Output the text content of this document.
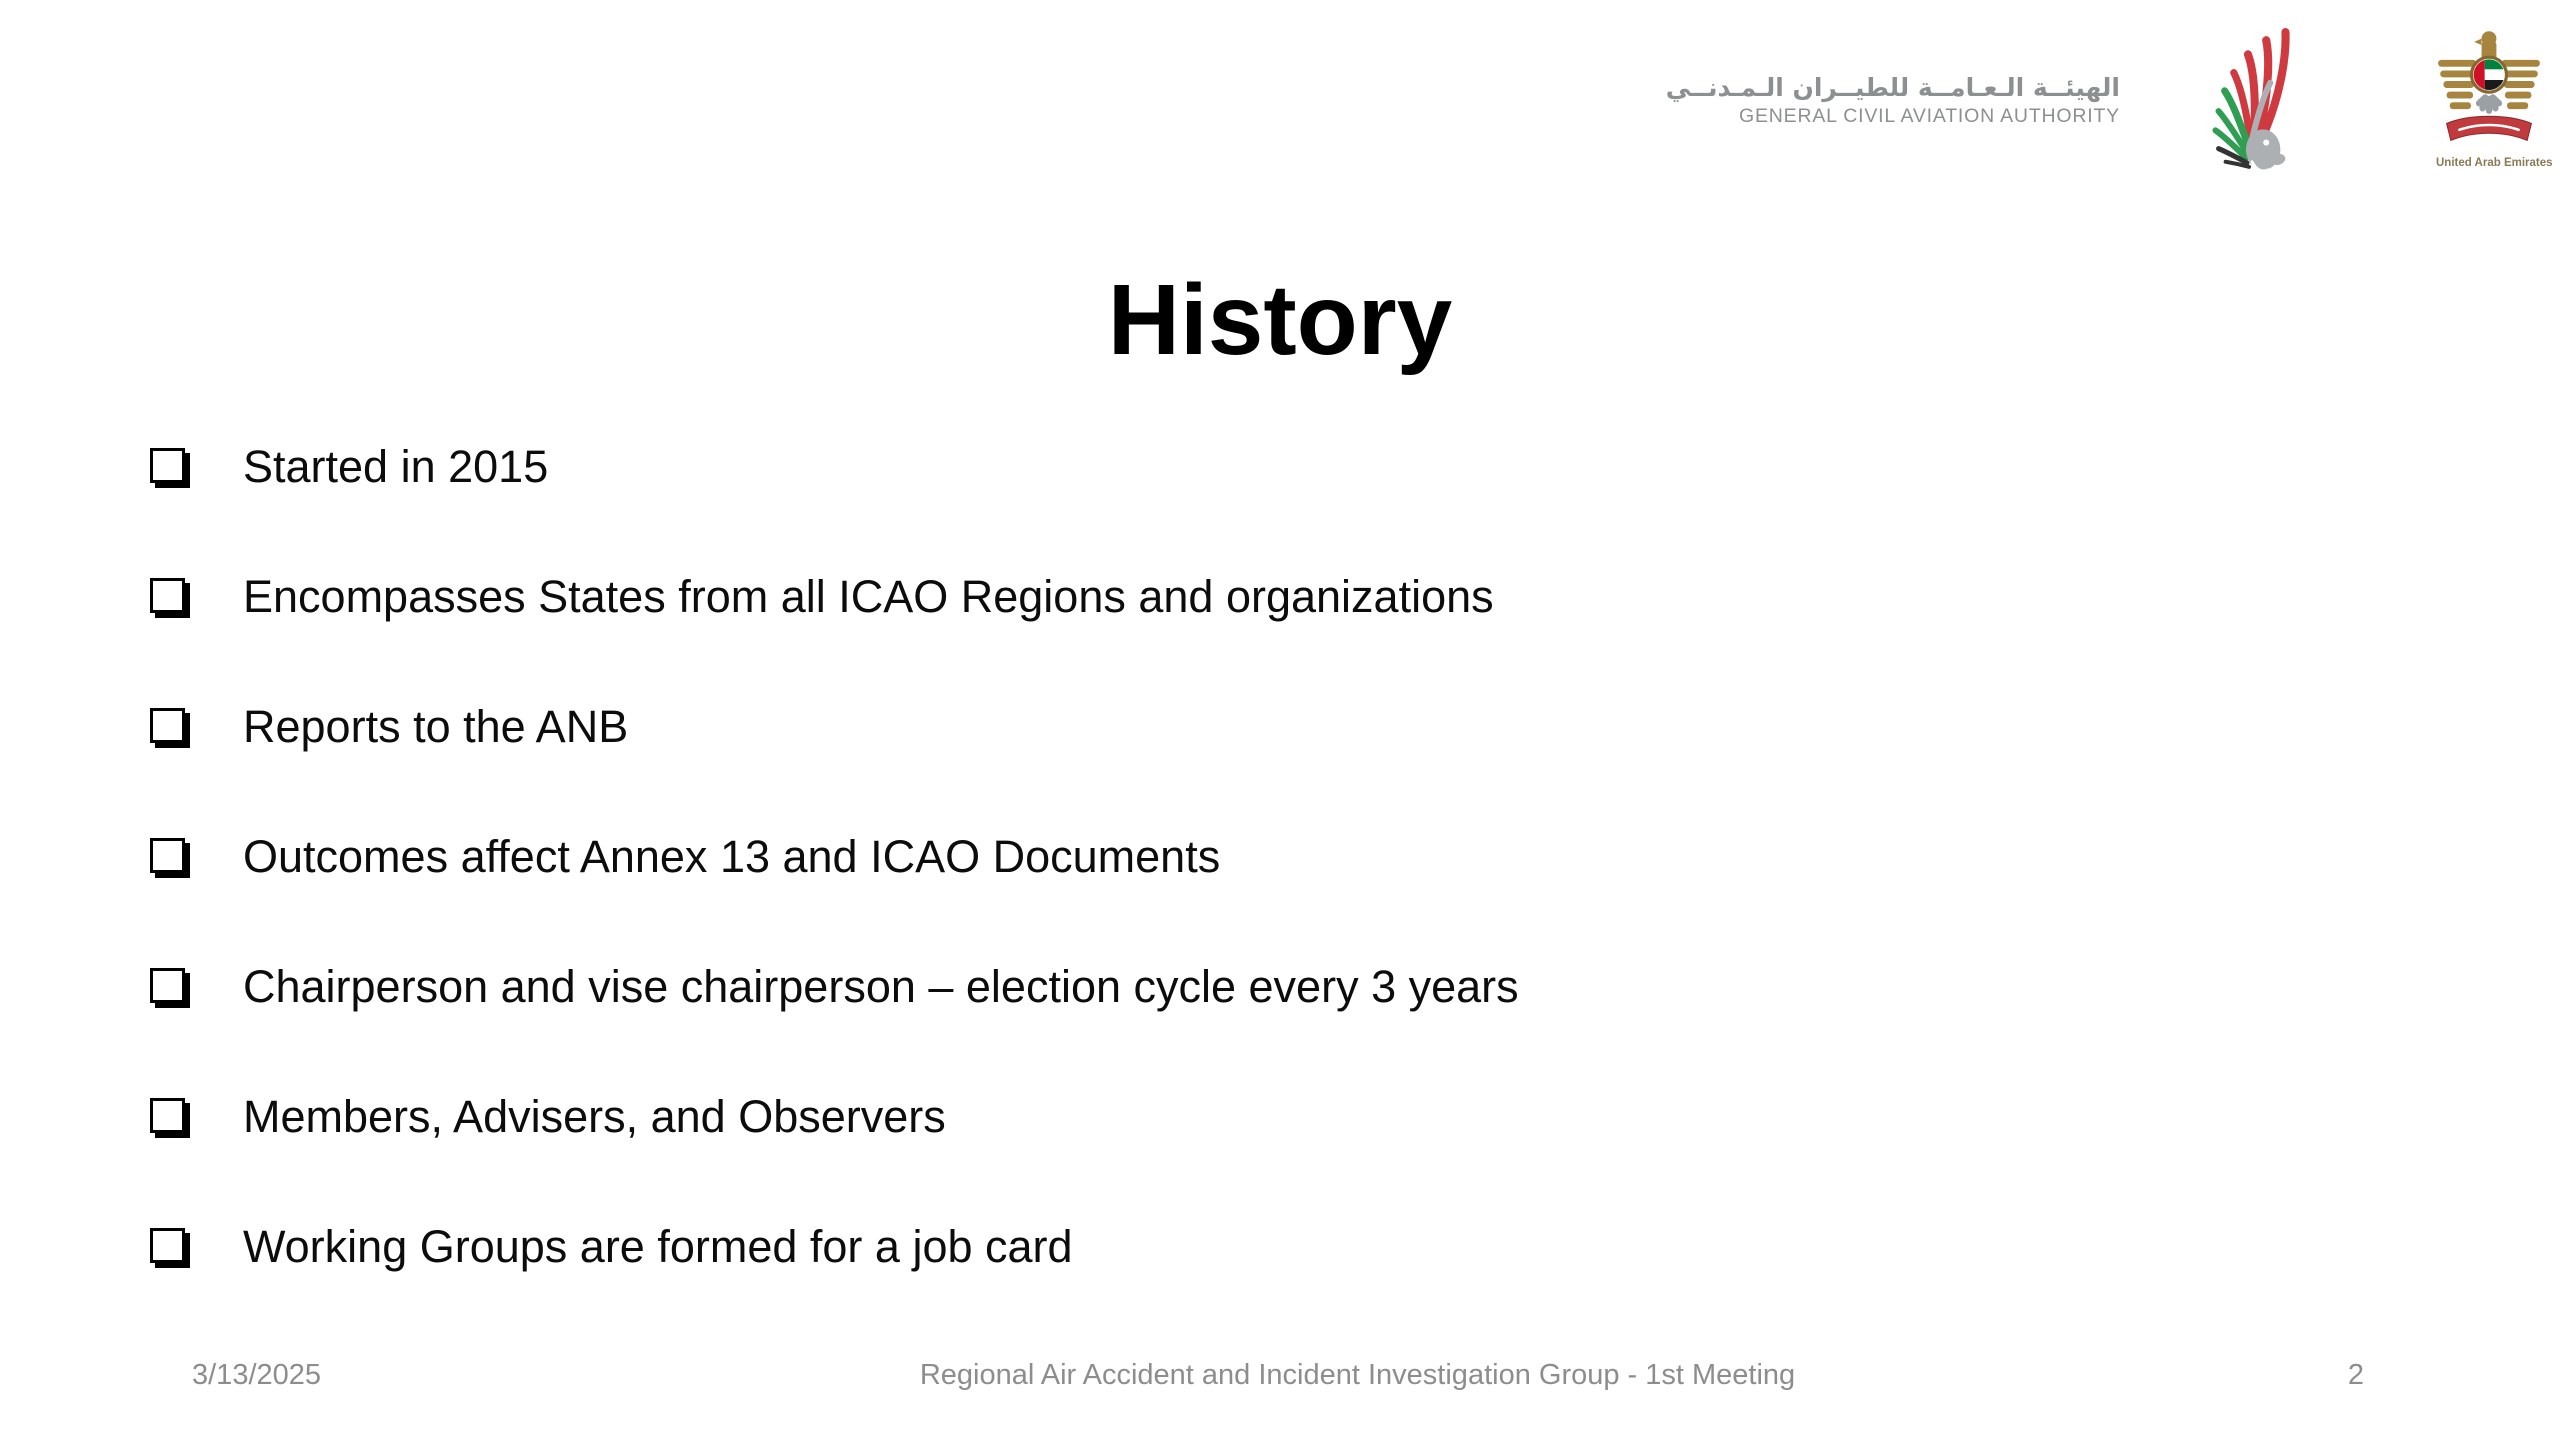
الهيئــة الـعـامــة للطيــران الـمـدنــي
GENERAL CIVIL AVIATION AUTHORITY
United Arab Emirates
History
Started in 2015
Encompasses States from all ICAO Regions and organizations
Reports to the ANB
Outcomes affect Annex 13 and ICAO Documents
Chairperson and vise chairperson – election cycle every 3 years
Members, Advisers, and Observers
Working Groups are formed for a job card
3/13/2025	Regional Air Accident and Incident Investigation Group - 1st Meeting	2
